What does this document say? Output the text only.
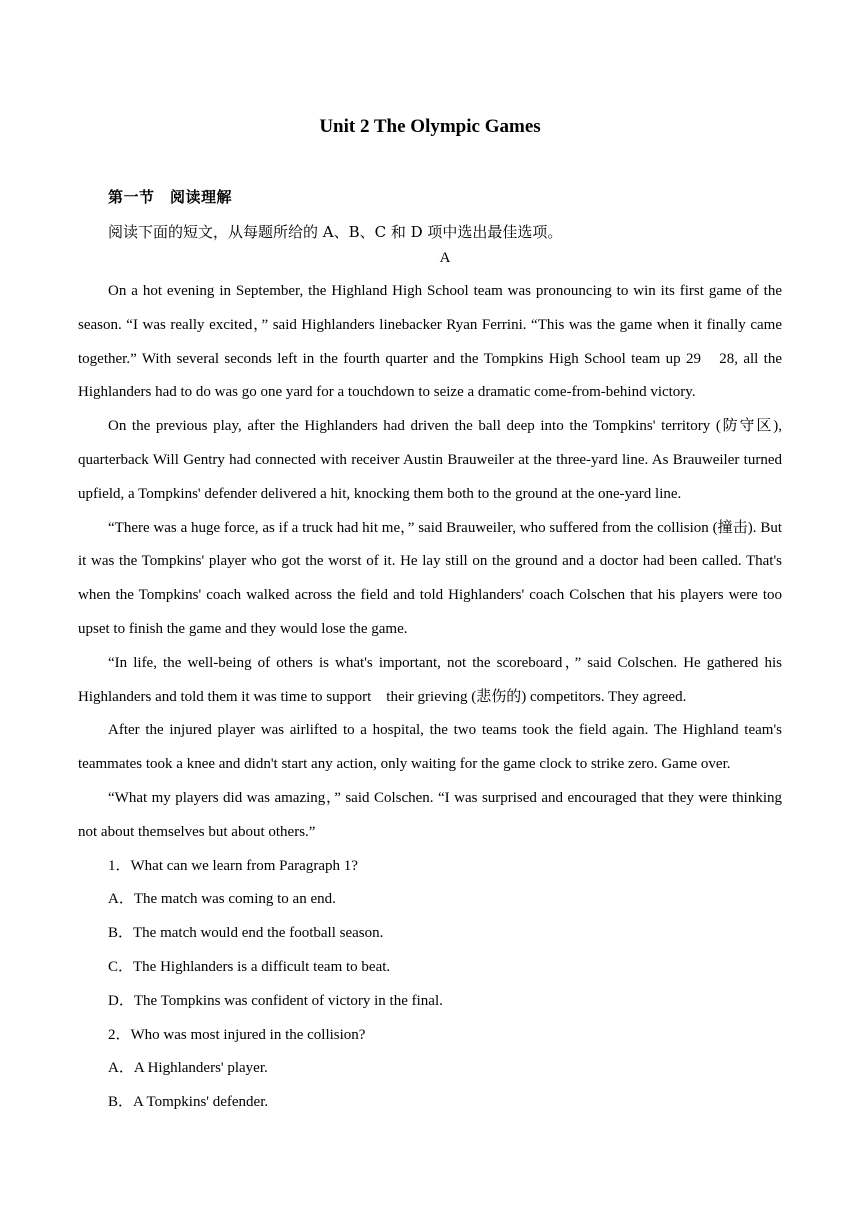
Unit 2 The Olympic Games
第一节　阅读理解
阅读下面的短文，从每题所给的 A、B、C 和 D 项中选出最佳选项。
A

On a hot evening in September, the Highland High School team was pronouncing to win its first game of the season. “I was really excited，” said Highlanders linebacker Ryan Ferrini. “This was the game when it finally came together.” With several seconds left in the fourth quarter and the Tompkins High School team up 29　28, all the Highlanders had to do was go one yard for a touchdown to seize a dramatic come-from-behind victory.

On the previous play, after the Highlanders had driven the ball deep into the Tompkins' territory (防守区), quarterback Will Gentry had connected with receiver Austin Brauweiler at the three-yard line. As Brauweiler turned upfield, a Tompkins' defender delivered a hit, knocking them both to the ground at the one-yard line.

“There was a huge force, as if a truck had hit me，” said Brauweiler, who suffered from the collision (撞击). But it was the Tompkins' player who got the worst of it. He lay still on the ground and a doctor had been called. That's when the Tompkins' coach walked across the field and told Highlanders' coach Colschen that his players were too upset to finish the game and they would lose the game.

“In life, the well-being of others is what's important, not the scoreboard，” said Colschen. He gathered his Highlanders and told them it was time to support　their grieving (悲伤的) competitors. They agreed.

After the injured player was airlifted to a hospital, the two teams took the field again. The Highland team's teammates took a knee and didn't start any action, only waiting for the game clock to strike zero. Game over.

“What my players did was amazing，” said Colschen. “I was surprised and encouraged that they were thinking not about themselves but about others.”

1．What can we learn from Paragraph 1?
A．The match was coming to an end.
B．The match would end the football season.
C．The Highlanders is a difficult team to beat.
D．The Tompkins was confident of victory in the final.
2．Who was most injured in the collision?
A．A Highlanders' player.
B．A Tompkins' defender.
